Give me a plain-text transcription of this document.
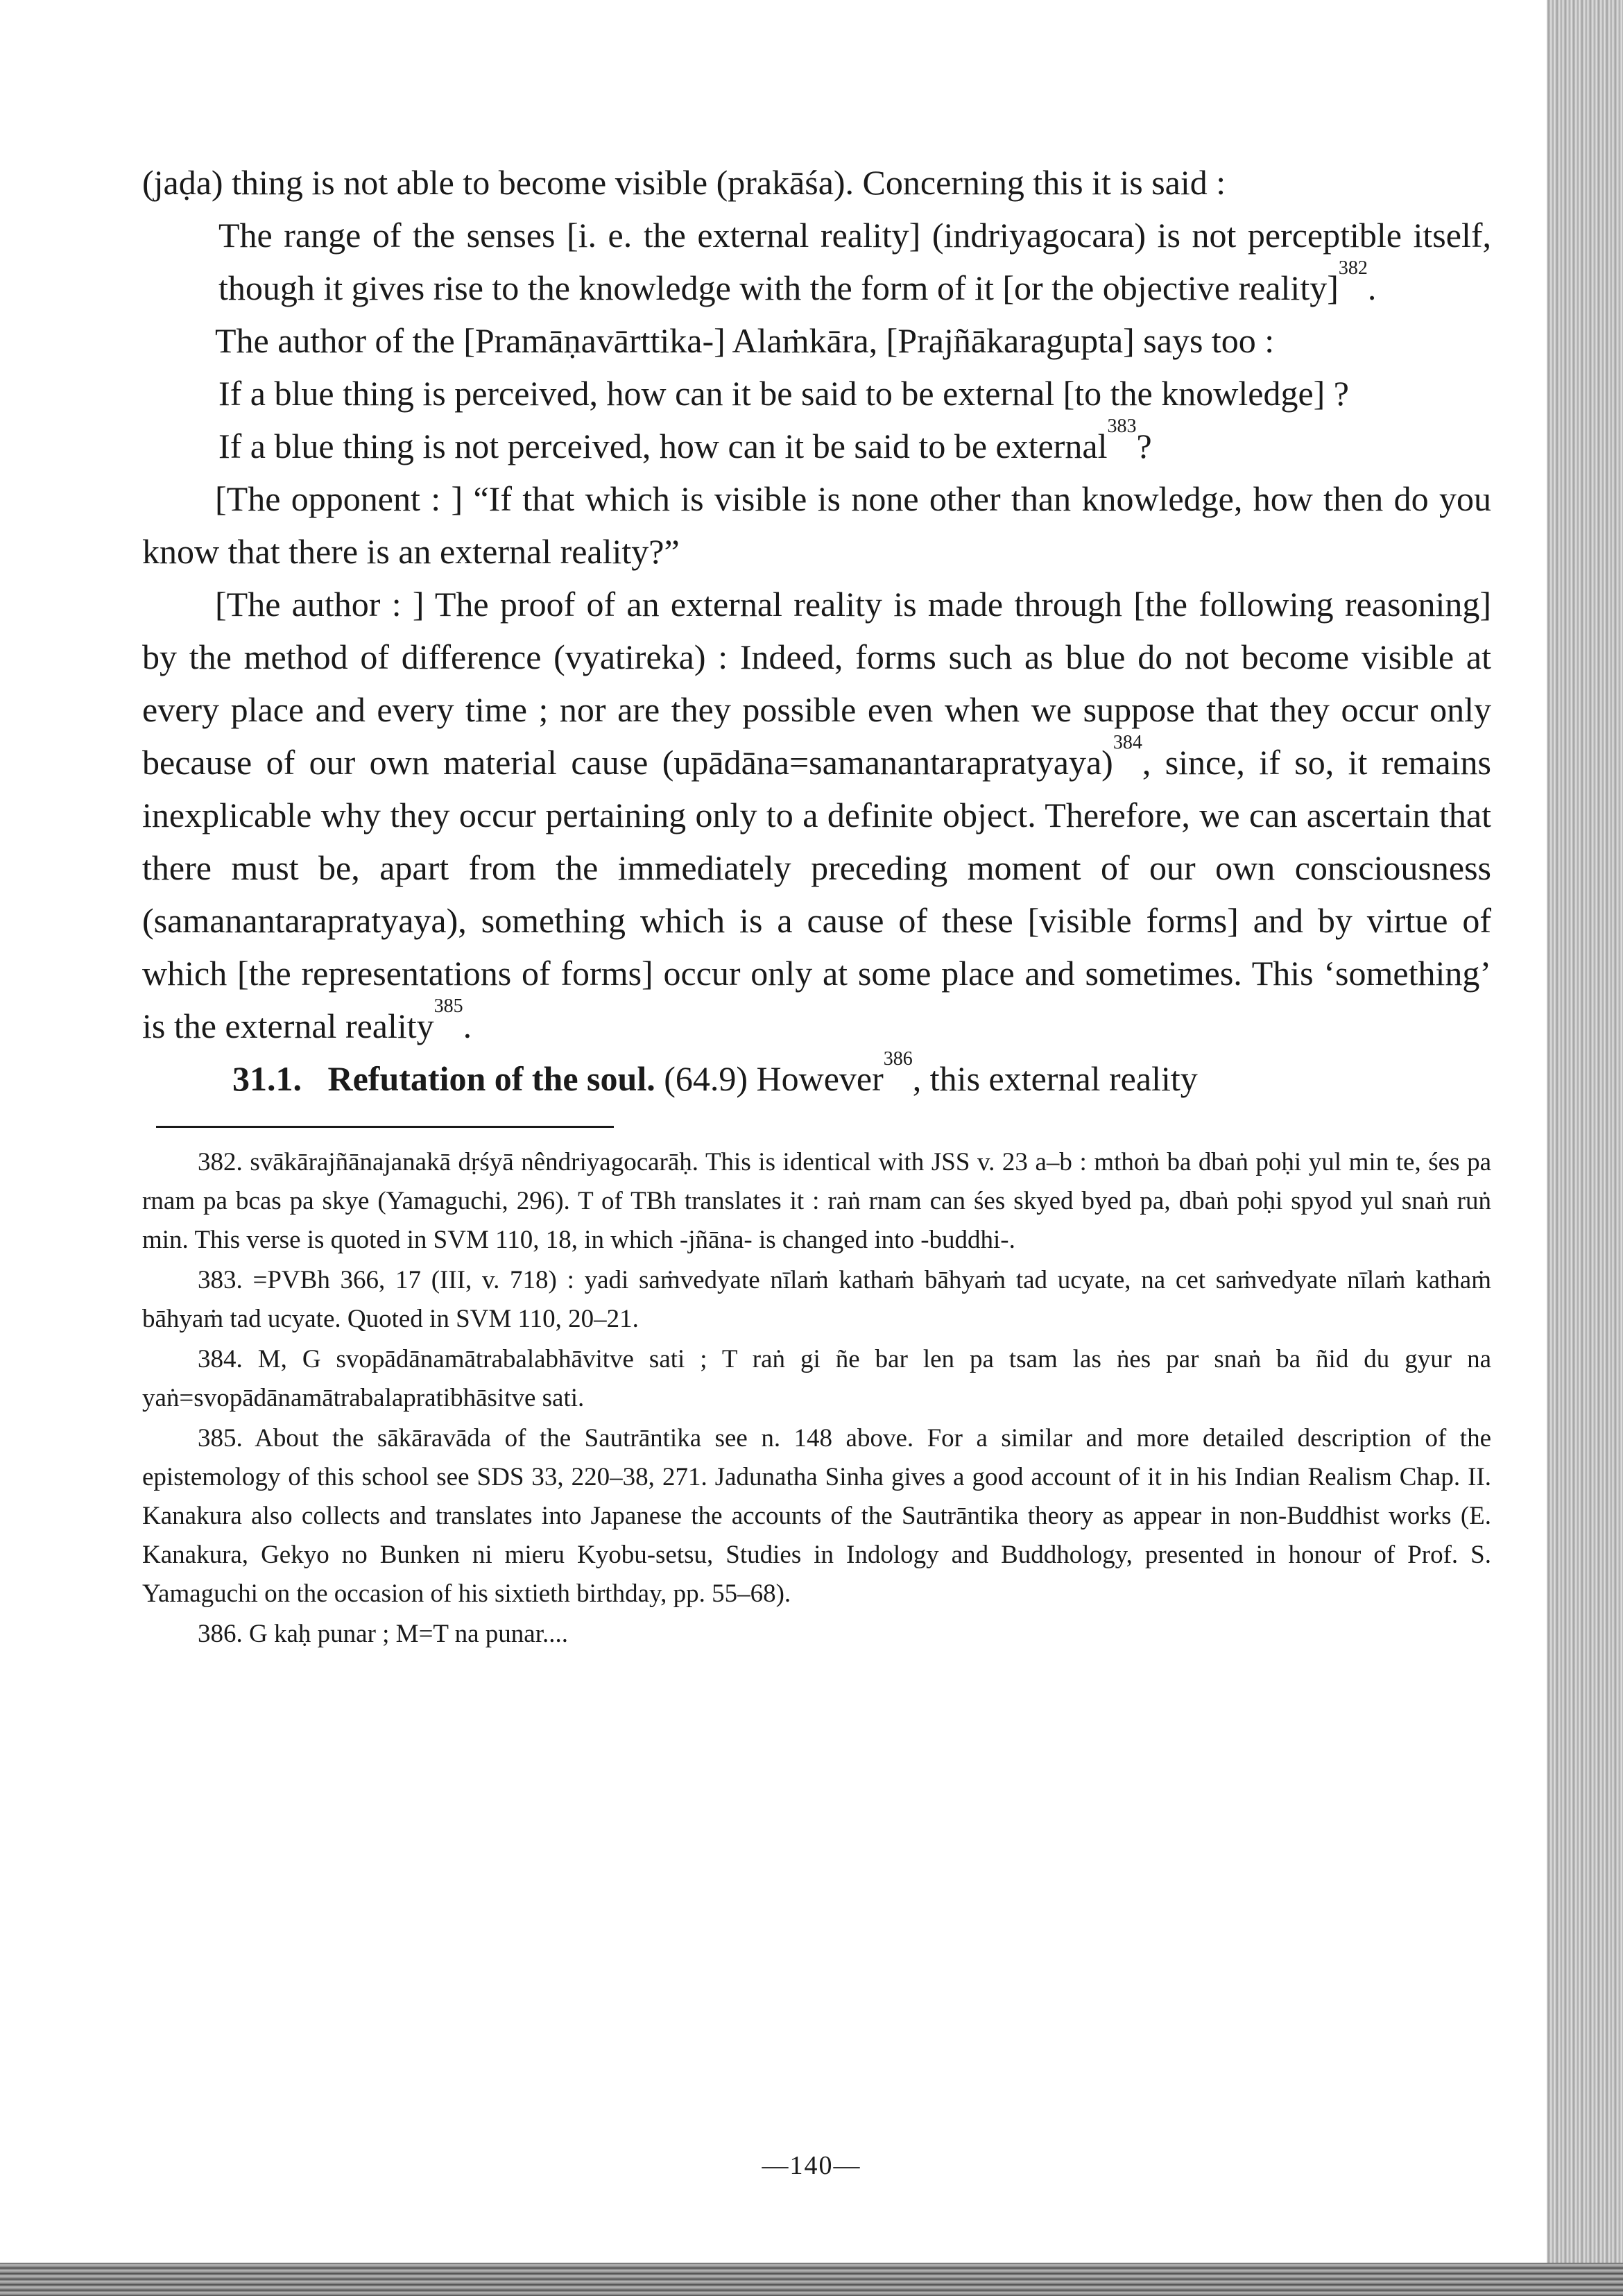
(jaḍa) thing is not able to become visible (prakāśa). Concerning this it is said :

The range of the senses [i. e. the external reality] (indriyagocara) is not perceptible itself, though it gives rise to the knowledge with the form of it [or the objective reality]$^{382}$.

The author of the [Pramāṇavārttika-] Alaṁkāra, [Prajñākaragupta] says too :

If a blue thing is perceived, how can it be said to be external [to the knowledge] ?

If a blue thing is not perceived, how can it be said to be external$^{383}$?

[The opponent : ] “If that which is visible is none other than knowledge, how then do you know that there is an external reality?”

[The author : ] The proof of an external reality is made through [the following reasoning] by the method of difference (vyatireka) : Indeed, forms such as blue do not become visible at every place and every time ; nor are they possible even when we suppose that they occur only because of our own material cause (upādāna=samanantarapratyaya)$^{384}$, since, if so, it remains inexplicable why they occur pertaining only to a definite object. Therefore, we can ascertain that there must be, apart from the immediately preceding moment of our own consciousness (samanantarapratyaya), something which is a cause of these [visible forms] and by virtue of which [the representations of forms] occur only at some place and sometimes. This ‘something’ is the external reality$^{385}$.

31.1. Refutation of the soul. (64.9) However$^{386}$, this external reality

382. svākārajñānajanakā dṛśyā nêndriyagocarāḥ. This is identical with JSS v. 23 a–b : mthoṅ ba dbaṅ poḥi yul min te, śes pa rnam pa bcas pa skye (Yamaguchi, 296). T of TBh translates it : raṅ rnam can śes skyed byed pa, dbaṅ poḥi spyod yul snaṅ ruṅ min. This verse is quoted in SVM 110, 18, in which -jñāna- is changed into -buddhi-.

383. =PVBh 366, 17 (III, v. 718) : yadi saṁvedyate nīlaṁ kathaṁ bāhyaṁ tad ucyate, na cet saṁvedyate nīlaṁ kathaṁ bāhyaṁ tad ucyate. Quoted in SVM 110, 20–21.

384. M, G svopādānamātrabalabhāvitve sati ; T raṅ gi ñe bar len pa tsam las ṅes par snaṅ ba ñid du gyur na yaṅ=svopādānamātrabalapratibhāsitve sati.

385. About the sākāravāda of the Sautrāntika see n. 148 above. For a similar and more detailed description of the epistemology of this school see SDS 33, 220–38, 271. Jadunatha Sinha gives a good account of it in his Indian Realism Chap. II. Kanakura also collects and translates into Japanese the accounts of the Sautrāntika theory as appear in non-Buddhist works (E. Kanakura, Gekyo no Bunken ni mieru Kyobu-setsu, Studies in Indology and Buddhology, presented in honour of Prof. S. Yamaguchi on the occasion of his sixtieth birthday, pp. 55–68).

386. G kaḥ punar ; M=T na punar....

—140—
